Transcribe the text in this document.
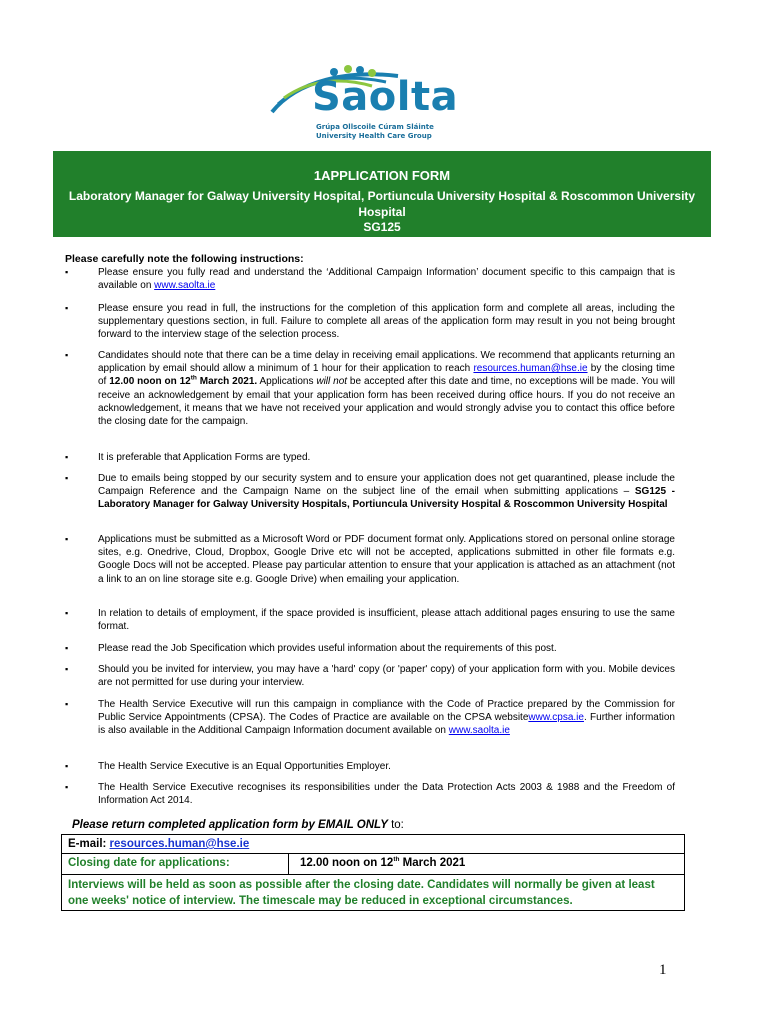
Saolta
Grúpa Ollscoile Cúram Sláinte
University Health Care Group
1APPLICATION FORM
Laboratory Manager for Galway University Hospital, Portiuncula University Hospital & Roscommon University Hospital
SG125
Please carefully note the following instructions:
▪	Please ensure you fully read and understand the ‘Additional Campaign Information’ document specific to this campaign that is available on www.saolta.ie
▪	Please ensure you read in full, the instructions for the completion of this application form and complete all areas, including the supplementary questions section, in full. Failure to complete all areas of the application form may result in you not being brought forward to the interview stage of the selection process.
▪	Candidates should note that there can be a time delay in receiving email applications. We recommend that applicants returning an application by email should allow a minimum of 1 hour for their application to reach resources.human@hse.ie by the closing time of 12.00 noon on 12th March 2021. Applications will not be accepted after this date and time, no exceptions will be made. You will receive an acknowledgement by email that your application form has been received during office hours. If you do not receive an acknowledgement, it means that we have not received your application and would strongly advise you to contact this office before the closing date for the campaign.
▪	It is preferable that Application Forms are typed.
▪	Due to emails being stopped by our security system and to ensure your application does not get quarantined, please include the Campaign Reference and the Campaign Name on the subject line of the email when submitting applications – SG125 - Laboratory Manager for Galway University Hospitals, Portiuncula University Hospital & Roscommon University Hospital
▪	Applications must be submitted as a Microsoft Word or PDF document format only. Applications stored on personal online storage sites, e.g. Onedrive, Cloud, Dropbox, Google Drive etc will not be accepted, applications submitted in other file formats e.g. Google Docs will not be accepted. Please pay particular attention to ensure that your application is attached as an attachment (not a link to an on line storage site e.g. Google Drive) when emailing your application.
▪	In relation to details of employment, if the space provided is insufficient, please attach additional pages ensuring to use the same format.
▪	Please read the Job Specification which provides useful information about the requirements of this post.
▪	Should you be invited for interview, you may have a 'hard' copy (or 'paper' copy) of your application form with you. Mobile devices are not permitted for use during your interview.
▪	The Health Service Executive will run this campaign in compliance with the Code of Practice prepared by the Commission for Public Service Appointments (CPSA). The Codes of Practice are available on the CPSA websitewww.cpsa.ie. Further information is also available in the Additional Campaign Information document available on www.saolta.ie
▪	The Health Service Executive is an Equal Opportunities Employer.
▪	The Health Service Executive recognises its responsibilities under the Data Protection Acts 2003 & 1988 and the Freedom of Information Act 2014.
Please return completed application form by EMAIL ONLY to:
E-mail: resources.human@hse.ie
Closing date for applications:	12.00 noon on 12th March 2021
Interviews will be held as soon as possible after the closing date. Candidates will normally be given at least one weeks' notice of interview. The timescale may be reduced in exceptional circumstances.
1
